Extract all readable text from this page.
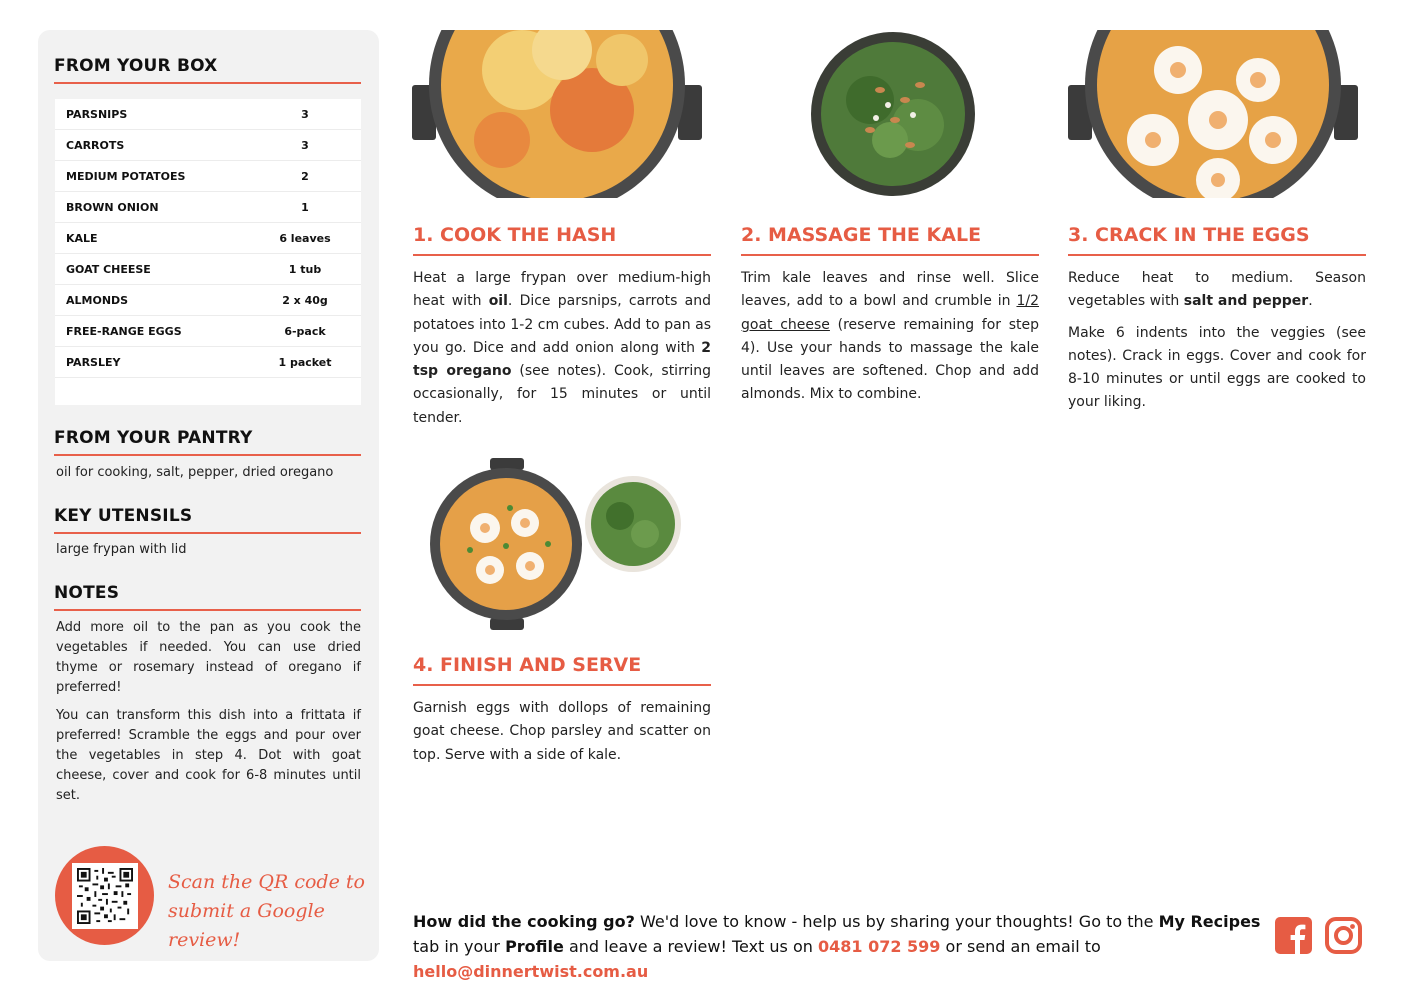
FROM YOUR BOX
PARSNIPS	3
CARROTS	3
MEDIUM POTATOES	2
BROWN ONION	1
KALE	6 leaves
GOAT CHEESE	1 tub
ALMONDS	2 x 40g
FREE-RANGE EGGS	6-pack
PARSLEY	1 packet
FROM YOUR PANTRY
oil for cooking, salt, pepper, dried oregano
KEY UTENSILS
large frypan with lid
NOTES

Add more oil to the pan as you cook the vegetables if needed. You can use dried thyme or rosemary instead of oregano if preferred!

You can transform this dish into a frittata if preferred! Scramble the eggs and pour over the vegetables in step 4. Dot with goat cheese, cover and cook for 6-8 minutes until set.

Scan the QR code to
submit a Google review!
1. COOK THE HASH

Heat a large frypan over medium-high heat with oil. Dice parsnips, carrots and potatoes into 1-2 cm cubes. Add to pan as you go. Dice and add onion along with 2 tsp oregano (see notes). Cook, stirring occasionally, for 15 minutes or until tender.

2. MASSAGE THE KALE

Trim kale leaves and rinse well. Slice leaves, add to a bowl and crumble in 1/2 goat cheese (reserve remaining for step 4). Use your hands to massage the kale until leaves are softened. Chop and add almonds. Mix to combine.

3. CRACK IN THE EGGS

Reduce heat to medium. Season vegetables with salt and pepper.

Make 6 indents into the veggies (see notes). Crack in eggs. Cover and cook for 8-10 minutes or until eggs are cooked to your liking.

4. FINISH AND SERVE

Garnish eggs with dollops of remaining goat cheese. Chop parsley and scatter on top. Serve with a side of kale.

How did the cooking go? We'd love to know - help us by sharing your thoughts! Go to the My Recipes tab in your Profile and leave a review! Text us on 0481 072 599 or send an email to hello@dinnertwist.com.au
